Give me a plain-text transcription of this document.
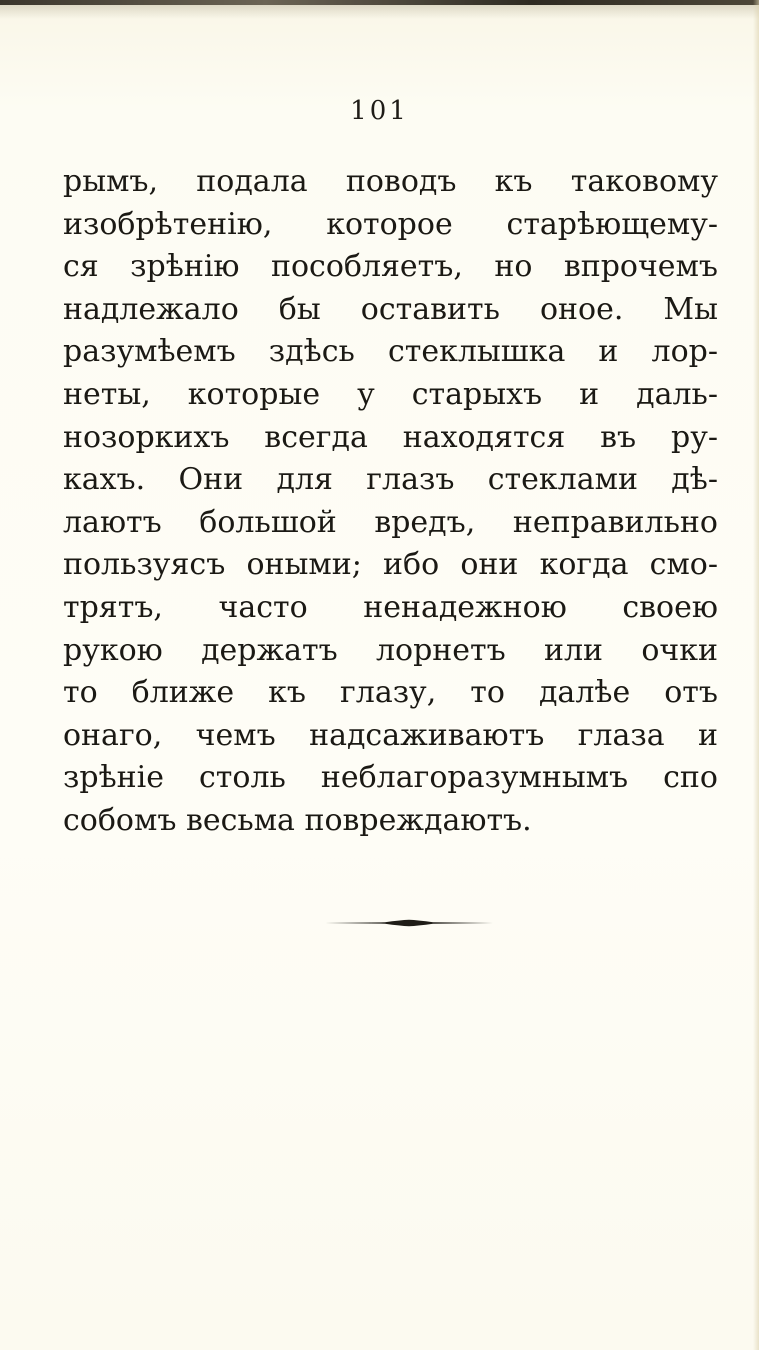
101
рымъ, подала поводъ къ таковому
изобрѣтенію, которое старѣющему-
ся зрѣнію пособляетъ, но впрочемъ
надлежало бы оставить оное. Мы
разумѣемъ здѣсь стеклышка и лор-
неты, которые у старыхъ и даль-
нозоркихъ всегда находятся въ ру-
кахъ. Они для глазъ стеклами дѣ-
лаютъ большой вредъ, неправильно
пользуясъ оными; ибо они когда смо-
трятъ, часто ненадежною своею
рукою держатъ лорнетъ или очки
то ближе къ глазу, то далѣе отъ
онаго, чемъ надсаживаютъ глаза и
зрѣніе столь неблагоразумнымъ спо
собомъ весьма повреждаютъ.
